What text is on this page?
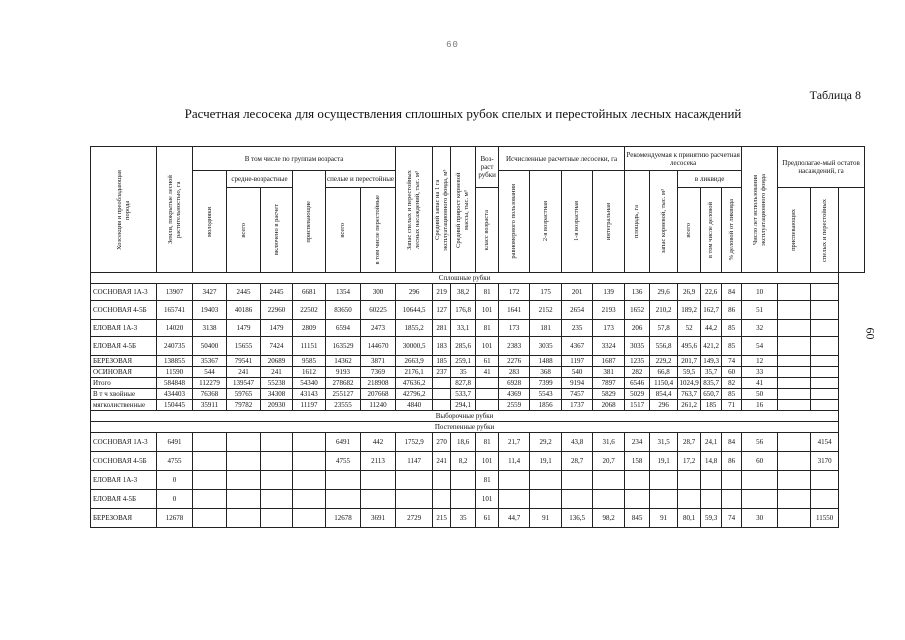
60
60
Таблица 8
Расчетная лесосека для осуществления сплошных рубок спелых и перестойных лесных насаждений
Хозсекция и преобладающая порода	Земли, покрытые лесной растительностью, га	В том числе по группам возраста						Запас спелых и перестойных лесных насаждений, тыс. м³	Средний запас на 1 га эксплуатационного фонда, м³	Средний прирост корневой массы, тыс. м³	Воз-раст рубки	Исчисленные расчетные лесосеки, га				Рекомендуемая к принятию расчетная лесосека					Число лет использования эксплуатационного фонда	Предполагае-мый остатов насаждений, га		

		молодняки	средне-возрастные		приспевающие	спелые и перестойные						равномерного пользования	2-я возрастная	1-я возрастная	интегральная	площадь, га	запас корневой, тыс. м³	в ликвиде						

			всего	включено в расчет		всего	в том числе перестойные				класс возраста							всего	в том числе деловой	% деловой от ликвида		приспевающих	спелых и перестойных	

Сплошные рубки																								
СОСНОВАЯ 1А-3	13907	3427	2445	2445	6681	1354	300	296	219	38,2	81	172	175	201	139	136	29,6	26,9	22,6	84	10			
СОСНОВАЯ 4-5Б	165741	19403	40186	22960	22502	83650	60225	10644,5	127	176,8	101	1641	2152	2654	2193	1652	210,2	189,2	162,7	86	51			
ЕЛОВАЯ 1А-3	14020	3138	1479	1479	2809	6594	2473	1855,2	281	33,1	81	173	181	235	173	206	57,8	52	44,2	85	32			
ЕЛОВАЯ 4-5Б	240735	50400	15655	7424	11151	163529	144670	30000,5	183	285,6	101	2383	3035	4367	3324	3035	556,8	495,6	421,2	85	54			
БЕРЕЗОВАЯ	138855	35367	79541	20689	9585	14362	3871	2663,9	185	259,1	61	2276	1488	1197	1687	1235	229,2	201,7	149,3	74	12			
ОСИНОВАЯ	11590	544	241	241	1612	9193	7369	2176,1	237	35	41	283	368	540	381	282	66,8	59,5	35,7	60	33			
Итого	584848	112279	139547	55238	54340	278682	218908	47636,2		827,8		6928	7399	9194	7897	6546	1150,4	1024,9	835,7	82	41			
В т ч хвойные	434403	76368	59765	34308	43143	255127	207668	42796,2		533,7		4369	5543	7457	5829	5029	854,4	763,7	650,7	85	50			
мягколиственные	150445	35911	79782	20930	11197	23555	11240	4840		294,1		2559	1856	1737	2068	1517	296	261,2	185	71	16			
Выборочные рубки																								
Постепенные рубки																								
СОСНОВАЯ 1А-3	6491					6491	442	1752,9	270	18,6	81	21,7	29,2	43,8	31,6	234	31,5	28,7	24,1	84	56		4154	
СОСНОВАЯ 4-5Б	4755					4755	2113	1147	241	8,2	101	11,4	19,1	28,7	20,7	158	19,1	17,2	14,8	86	60		3170	
ЕЛОВАЯ 1А-3	0										81													
ЕЛОВАЯ 4-5Б	0										101													
БЕРЕЗОВАЯ	12678					12678	3691	2729	215	35	61	44,7	91	136,5	98,2	845	91	80,1	59,3	74	30		11550	
